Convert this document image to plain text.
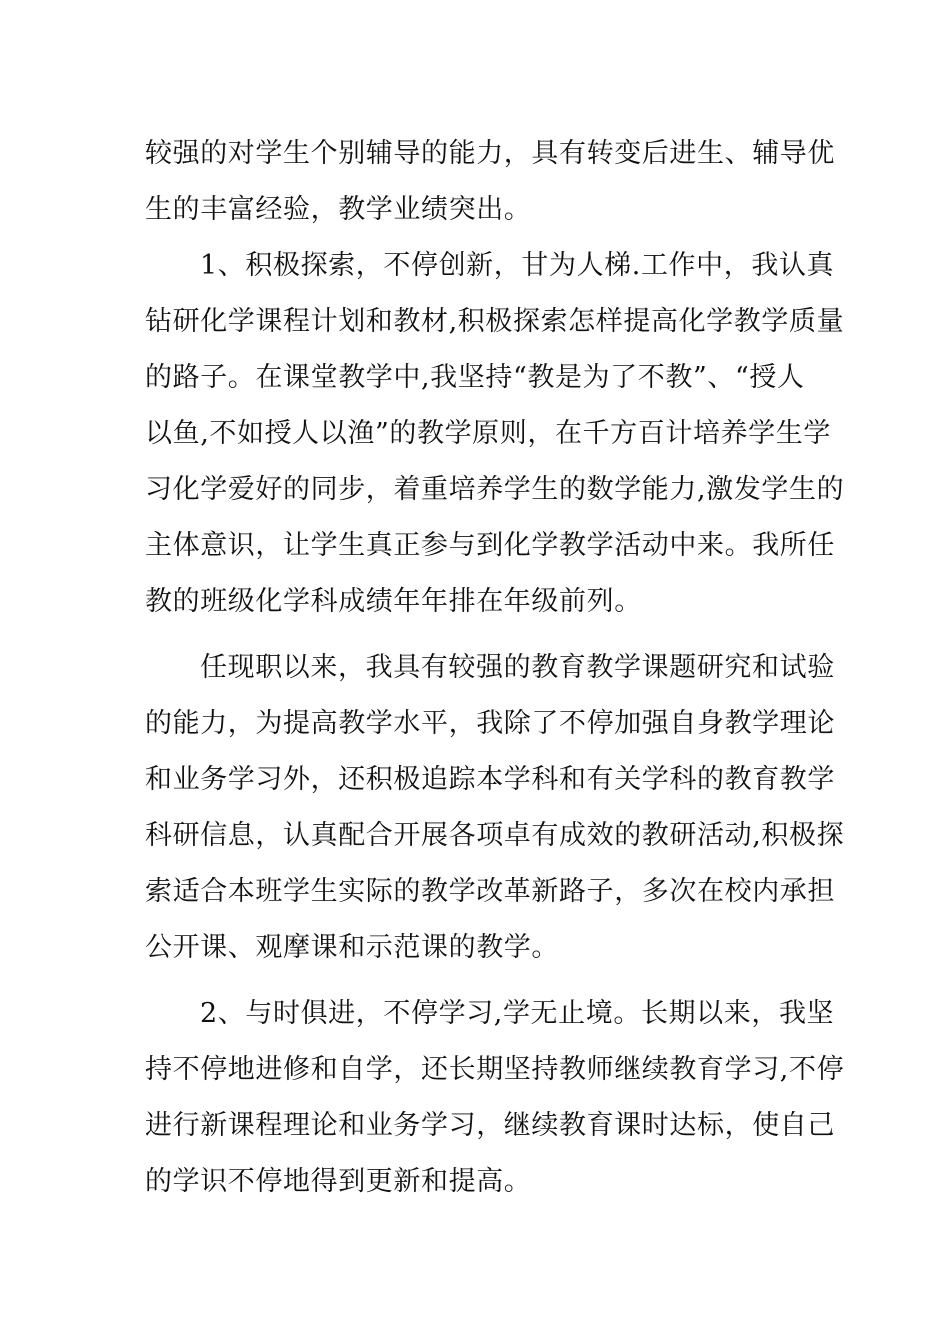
较强的对学生个别辅导的能力，具有转变后进生、辅导优
生的丰富经验，教学业绩突出。
1、积极探索，不停创新，甘为人梯.工作中，我认真
钻研化学课程计划和教材,积极探索怎样提高化学教学质量
的路子。在课堂教学中,我坚持“教是为了不教”、“授人
以鱼,不如授人以渔”的教学原则，在千方百计培养学生学
习化学爱好的同步，着重培养学生的数学能力,激发学生的
主体意识，让学生真正参与到化学教学活动中来。我所任
教的班级化学科成绩年年排在年级前列。
任现职以来，我具有较强的教育教学课题研究和试验
的能力，为提高教学水平，我除了不停加强自身教学理论
和业务学习外，还积极追踪本学科和有关学科的教育教学
科研信息，认真配合开展各项卓有成效的教研活动,积极探
索适合本班学生实际的教学改革新路子，多次在校内承担
公开课、观摩课和示范课的教学。
2、与时俱进，不停学习,学无止境。长期以来，我坚
持不停地进修和自学，还长期坚持教师继续教育学习,不停
进行新课程理论和业务学习，继续教育课时达标，使自己
的学识不停地得到更新和提高。
